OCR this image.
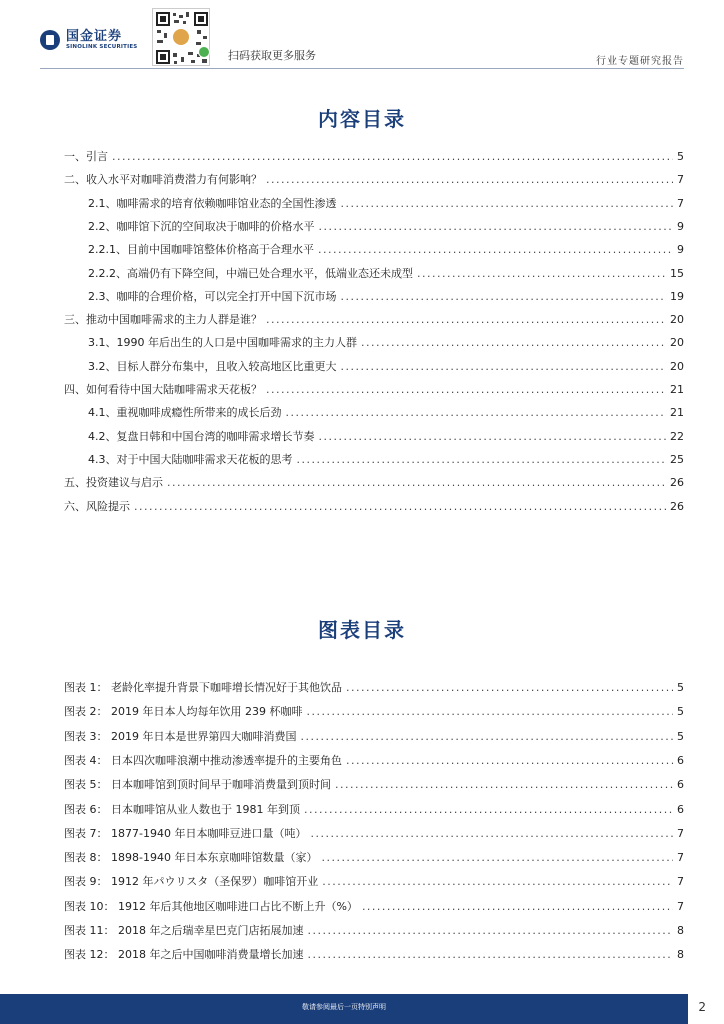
国金证券
SINOLINK SECURITIES
扫码获取更多服务	行业专题研究报告
内容目录
一、引言 .....	5
二、收入水平对咖啡消费潜力有何影响？ .....	7
2.1、咖啡需求的培育依赖咖啡馆业态的全国性渗透 .....	7
2.2、咖啡馆下沉的空间取决于咖啡的价格水平 .....	9
2.2.1、目前中国咖啡馆整体价格高于合理水平 .....	9
2.2.2、高端仍有下降空间，中端已处合理水平，低端业态还未成型 .....	15
2.3、咖啡的合理价格，可以完全打开中国下沉市场 .....	19
三、推动中国咖啡需求的主力人群是谁？ .....	20
3.1、1990 年后出生的人口是中国咖啡需求的主力人群 .....	20
3.2、目标人群分布集中，且收入较高地区比重更大 .....	20
四、如何看待中国大陆咖啡需求天花板？ .....	21
4.1、重视咖啡成瘾性所带来的成长后劲 .....	21
4.2、复盘日韩和中国台湾的咖啡需求增长节奏 .....	22
4.3、对于中国大陆咖啡需求天花板的思考 .....	25
五、投资建议与启示 .....	26
六、风险提示 .....	26
图表目录
图表 1： 老龄化率提升背景下咖啡增长情况好于其他饮品 .....	5
图表 2： 2019 年日本人均每年饮用 239 杯咖啡 .....	5
图表 3： 2019 年日本是世界第四大咖啡消费国 .....	5
图表 4： 日本四次咖啡浪潮中推动渗透率提升的主要角色 .....	6
图表 5： 日本咖啡馆到顶时间早于咖啡消费量到顶时间 .....	6
图表 6： 日本咖啡馆从业人数也于 1981 年到顶 .....	6
图表 7： 1877-1940 年日本咖啡豆进口量（吨） .....	7
图表 8： 1898-1940 年日本东京咖啡馆数量（家） .....	7
图表 9： 1912 年パウリスタ（圣保罗）咖啡馆开业 .....	7
图表 10： 1912 年后其他地区咖啡进口占比不断上升（%） .....	7
图表 11： 2018 年之后瑞幸星巴克门店拓展加速 .....	8
图表 12： 2018 年之后中国咖啡消费量增长加速 .....	8
敬请参阅最后一页特别声明	2
